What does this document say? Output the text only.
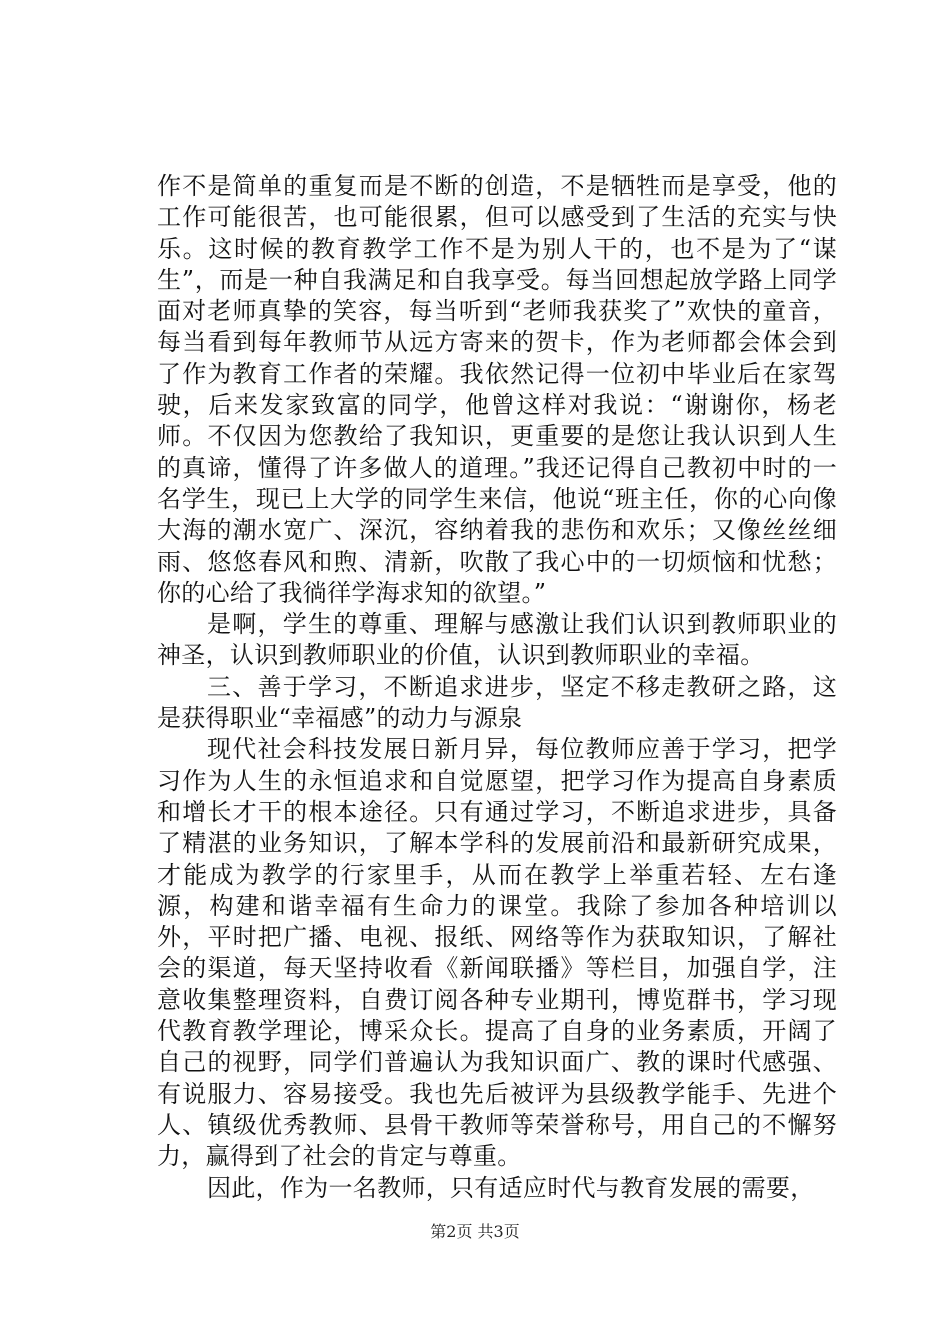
作不是简单的重复而是不断的创造，不是牺牲而是享受，他的工作可能很苦，也可能很累，但可以感受到了生活的充实与快乐。这时候的教育教学工作不是为别人干的，也不是为了“谋生”，而是一种自我满足和自我享受。每当回想起放学路上同学面对老师真挚的笑容，每当听到“老师我获奖了”欢快的童音，每当看到每年教师节从远方寄来的贺卡，作为老师都会体会到了作为教育工作者的荣耀。我依然记得一位初中毕业后在家驾驶，后来发家致富的同学，他曾这样对我说：“谢谢你，杨老师。不仅因为您教给了我知识，更重要的是您让我认识到人生的真谛，懂得了许多做人的道理。”我还记得自己教初中时的一名学生，现已上大学的同学生来信，他说“班主任，你的心向像大海的潮水宽广、深沉，容纳着我的悲伤和欢乐；又像丝丝细雨、悠悠春风和煦、清新，吹散了我心中的一切烦恼和忧愁；你的心给了我徜徉学海求知的欲望。”

是啊，学生的尊重、理解与感激让我们认识到教师职业的神圣，认识到教师职业的价值，认识到教师职业的幸福。

三、善于学习，不断追求进步，坚定不移走教研之路，这是获得职业“幸福感”的动力与源泉

现代社会科技发展日新月异，每位教师应善于学习，把学习作为人生的永恒追求和自觉愿望，把学习作为提高自身素质和增长才干的根本途径。只有通过学习，不断追求进步，具备了精湛的业务知识，了解本学科的发展前沿和最新研究成果，才能成为教学的行家里手，从而在教学上举重若轻、左右逢源，构建和谐幸福有生命力的课堂。我除了参加各种培训以外，平时把广播、电视、报纸、网络等作为获取知识，了解社会的渠道，每天坚持收看《新闻联播》等栏目，加强自学，注意收集整理资料，自费订阅各种专业期刊，博览群书，学习现代教育教学理论，博采众长。提高了自身的业务素质，开阔了自己的视野，同学们普遍认为我知识面广、教的课时代感强、有说服力、容易接受。我也先后被评为县级教学能手、先进个人、镇级优秀教师、县骨干教师等荣誉称号，用自己的不懈努力，赢得到了社会的肯定与尊重。

因此，作为一名教师，只有适应时代与教育发展的需要，

第2页 共3页
